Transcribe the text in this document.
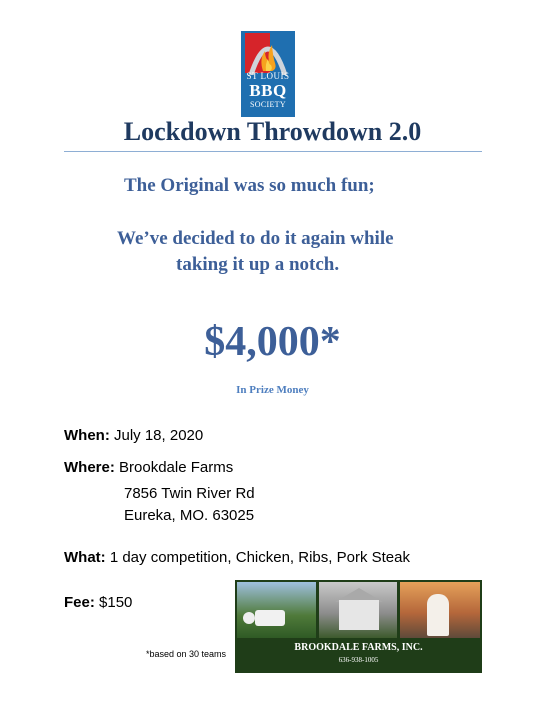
ST LOUIS
BBQ
SOCIETY
Lockdown Throwdown 2.0
The Original was so much fun;
We’ve decided to do it again while
taking it up a notch.
$4,000*
In Prize Money
When: July 18, 2020
Where: Brookdale Farms
7856 Twin River Rd
Eureka, MO. 63025
What: 1 day competition, Chicken, Ribs, Pork Steak
Fee: $150
*based on 30 teams
BROOKDALE FARMS, INC.
636-938-1005
